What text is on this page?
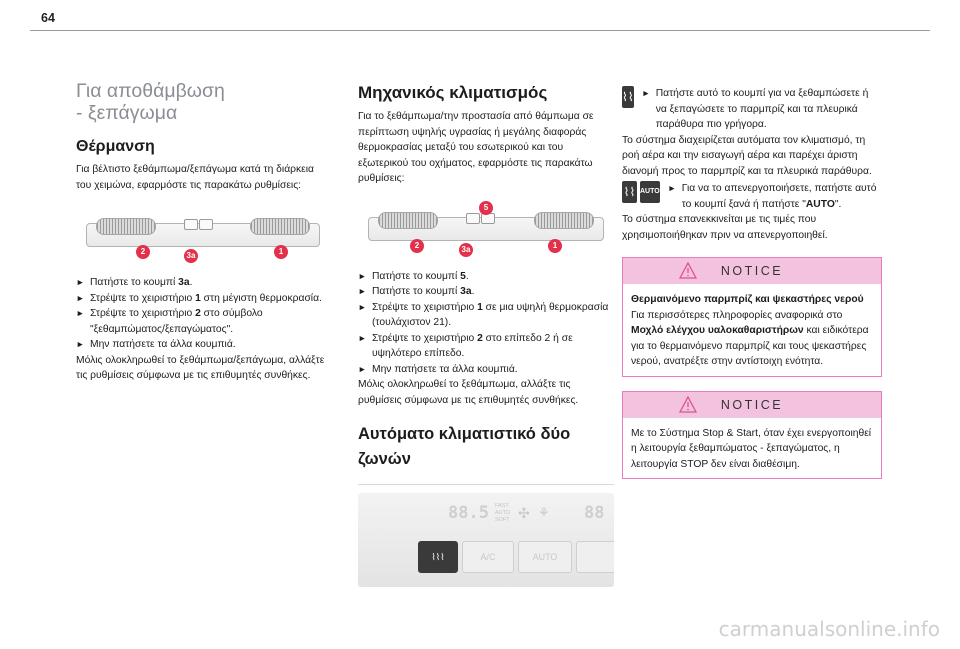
64
Για αποθάμβωση
- ξεπάγωμα
Θέρμανση

Για βέλτιστο ξεθάμπωμα/ξεπάγωμα κατά τη διάρκεια του χειμώνα, εφαρμόστε τις παρακάτω ρυθμίσεις:

2	3a	1

► Πατήστε το κουμπί 3a.

► Στρέψτε το χειριστήριο 1 στη μέγιστη θερμοκρασία.

► Στρέψτε το χειριστήριο 2 στο σύμβολο "ξεθαμπώματος/ξεπαγώματος".

► Μην πατήσετε τα άλλα κουμπιά.

Μόλις ολοκληρωθεί το ξεθάμπωμα/ξεπάγωμα, αλλάξτε τις ρυθμίσεις σύμφωνα με τις επιθυμητές συνθήκες.

Μηχανικός κλιματισμός

Για το ξεθάμπωμα/την προστασία από θάμπωμα σε περίπτωση υψηλής υγρασίας ή μεγάλης διαφοράς θερμοκρασίας μεταξύ του εσωτερικού και του εξωτερικού του οχήματος, εφαρμόστε τις παρακάτω ρυθμίσεις:

5
2	3a	1

► Πατήστε το κουμπί 5.

► Πατήστε το κουμπί 3a.

► Στρέψτε το χειριστήριο 1 σε μια υψηλή θερμοκρασία (τουλάχιστον 21).

► Στρέψτε το χειριστήριο 2 στο επίπεδο 2 ή σε υψηλότερο επίπεδο.

► Μην πατήσετε τα άλλα κουμπιά.

Μόλις ολοκληρωθεί το ξεθάμπωμα, αλλάξτε τις ρυθμίσεις σύμφωνα με τις επιθυμητές συνθήκες.

Αυτόματο κλιματιστικό δύο
ζωνών
88.5 FAST
AUTO
SOFT ✣ ⚘ 88
⌇⌇⌇	A/C	AUTO
⌇⌇ ► Πατήστε αυτό το κουμπί για να ξεθαμπώσετε ή να ξεπαγώσετε το παρμπρίζ και τα πλευρικά παράθυρα πιο γρήγορα.

Το σύστημα διαχειρίζεται αυτόματα τον κλιματισμό, τη ροή αέρα και την εισαγωγή αέρα και παρέχει άριστη διανομή προς το παρμπρίζ και τα πλευρικά παράθυρα.

⌇⌇ AUTO ► Για να το απενεργοποιήσετε, πατήστε αυτό το κουμπί ξανά ή πατήστε "AUTO".

Το σύστημα επανεκκινείται με τις τιμές που χρησιμοποιήθηκαν πριν να απενεργοποιηθεί.

NOTICE

Θερμαινόμενο παρμπρίζ και ψεκαστήρες νερού

Για περισσότερες πληροφορίες αναφορικά στο Μοχλό ελέγχου υαλοκαθαριστήρων και ειδικότερα για το θερμαινόμενο παρμπρίζ και τους ψεκαστήρες νερού, ανατρέξτε στην αντίστοιχη ενότητα.

NOTICE

Με το Σύστημα Stop & Start, όταν έχει ενεργοποιηθεί η λειτουργία ξεθαμπώματος - ξεπαγώματος, η λειτουργία STOP δεν είναι διαθέσιμη.

carmanualsonline.info
